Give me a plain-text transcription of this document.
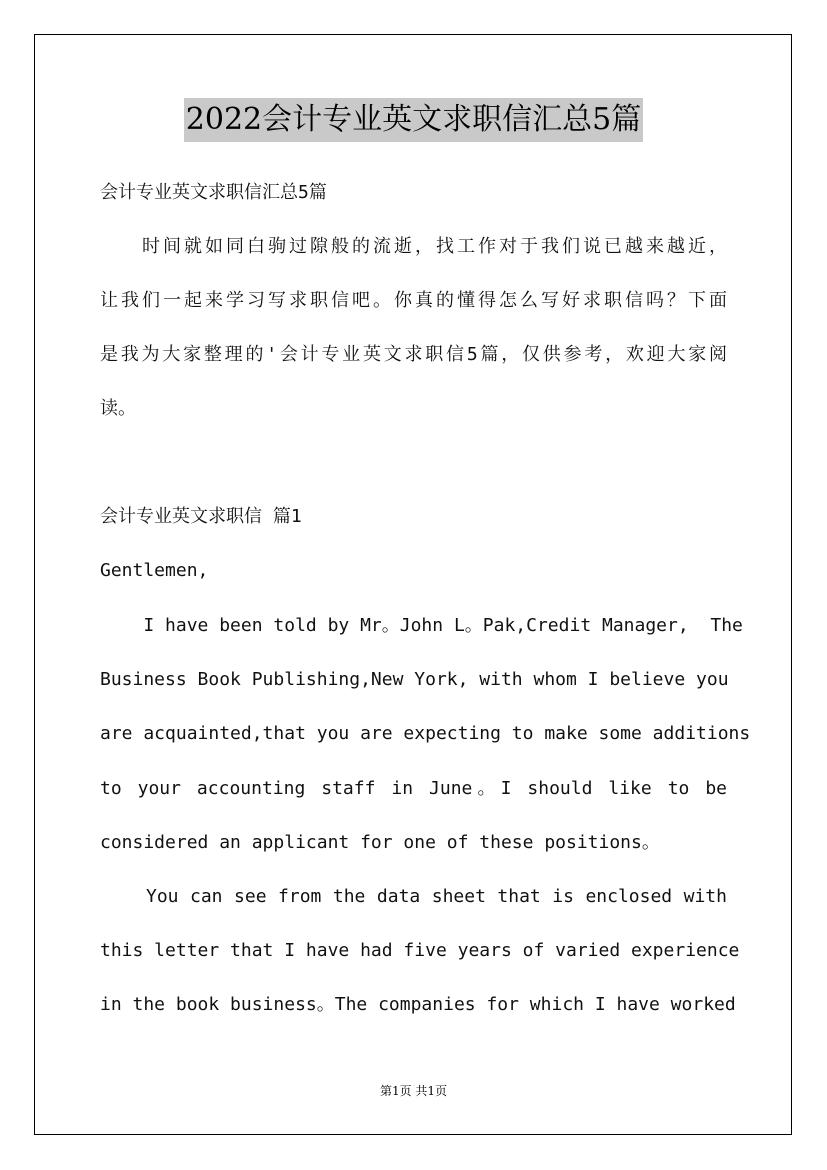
2022会计专业英文求职信汇总5篇
会计专业英文求职信汇总5篇
　　时间就如同白驹过隙般的流逝，找工作对于我们说已越来越近，
让我们一起来学习写求职信吧。你真的懂得怎么写好求职信吗？下面
是我为大家整理的'会计专业英文求职信5篇，仅供参考，欢迎大家阅
读。
会计专业英文求职信 篇1
Gentlemen,
I have been told by Mr。John L。Pak,Credit Manager,  The
Business Book Publishing,New York, with whom I believe you
are acquainted,that you are expecting to make some additions
to your accounting staff in June。I should like to be
considered an applicant for one of these positions。
You can see from the data sheet that is enclosed with
this letter that I have had five years of varied experience
in the book business。The companies for which I have worked
第1页 共1页
